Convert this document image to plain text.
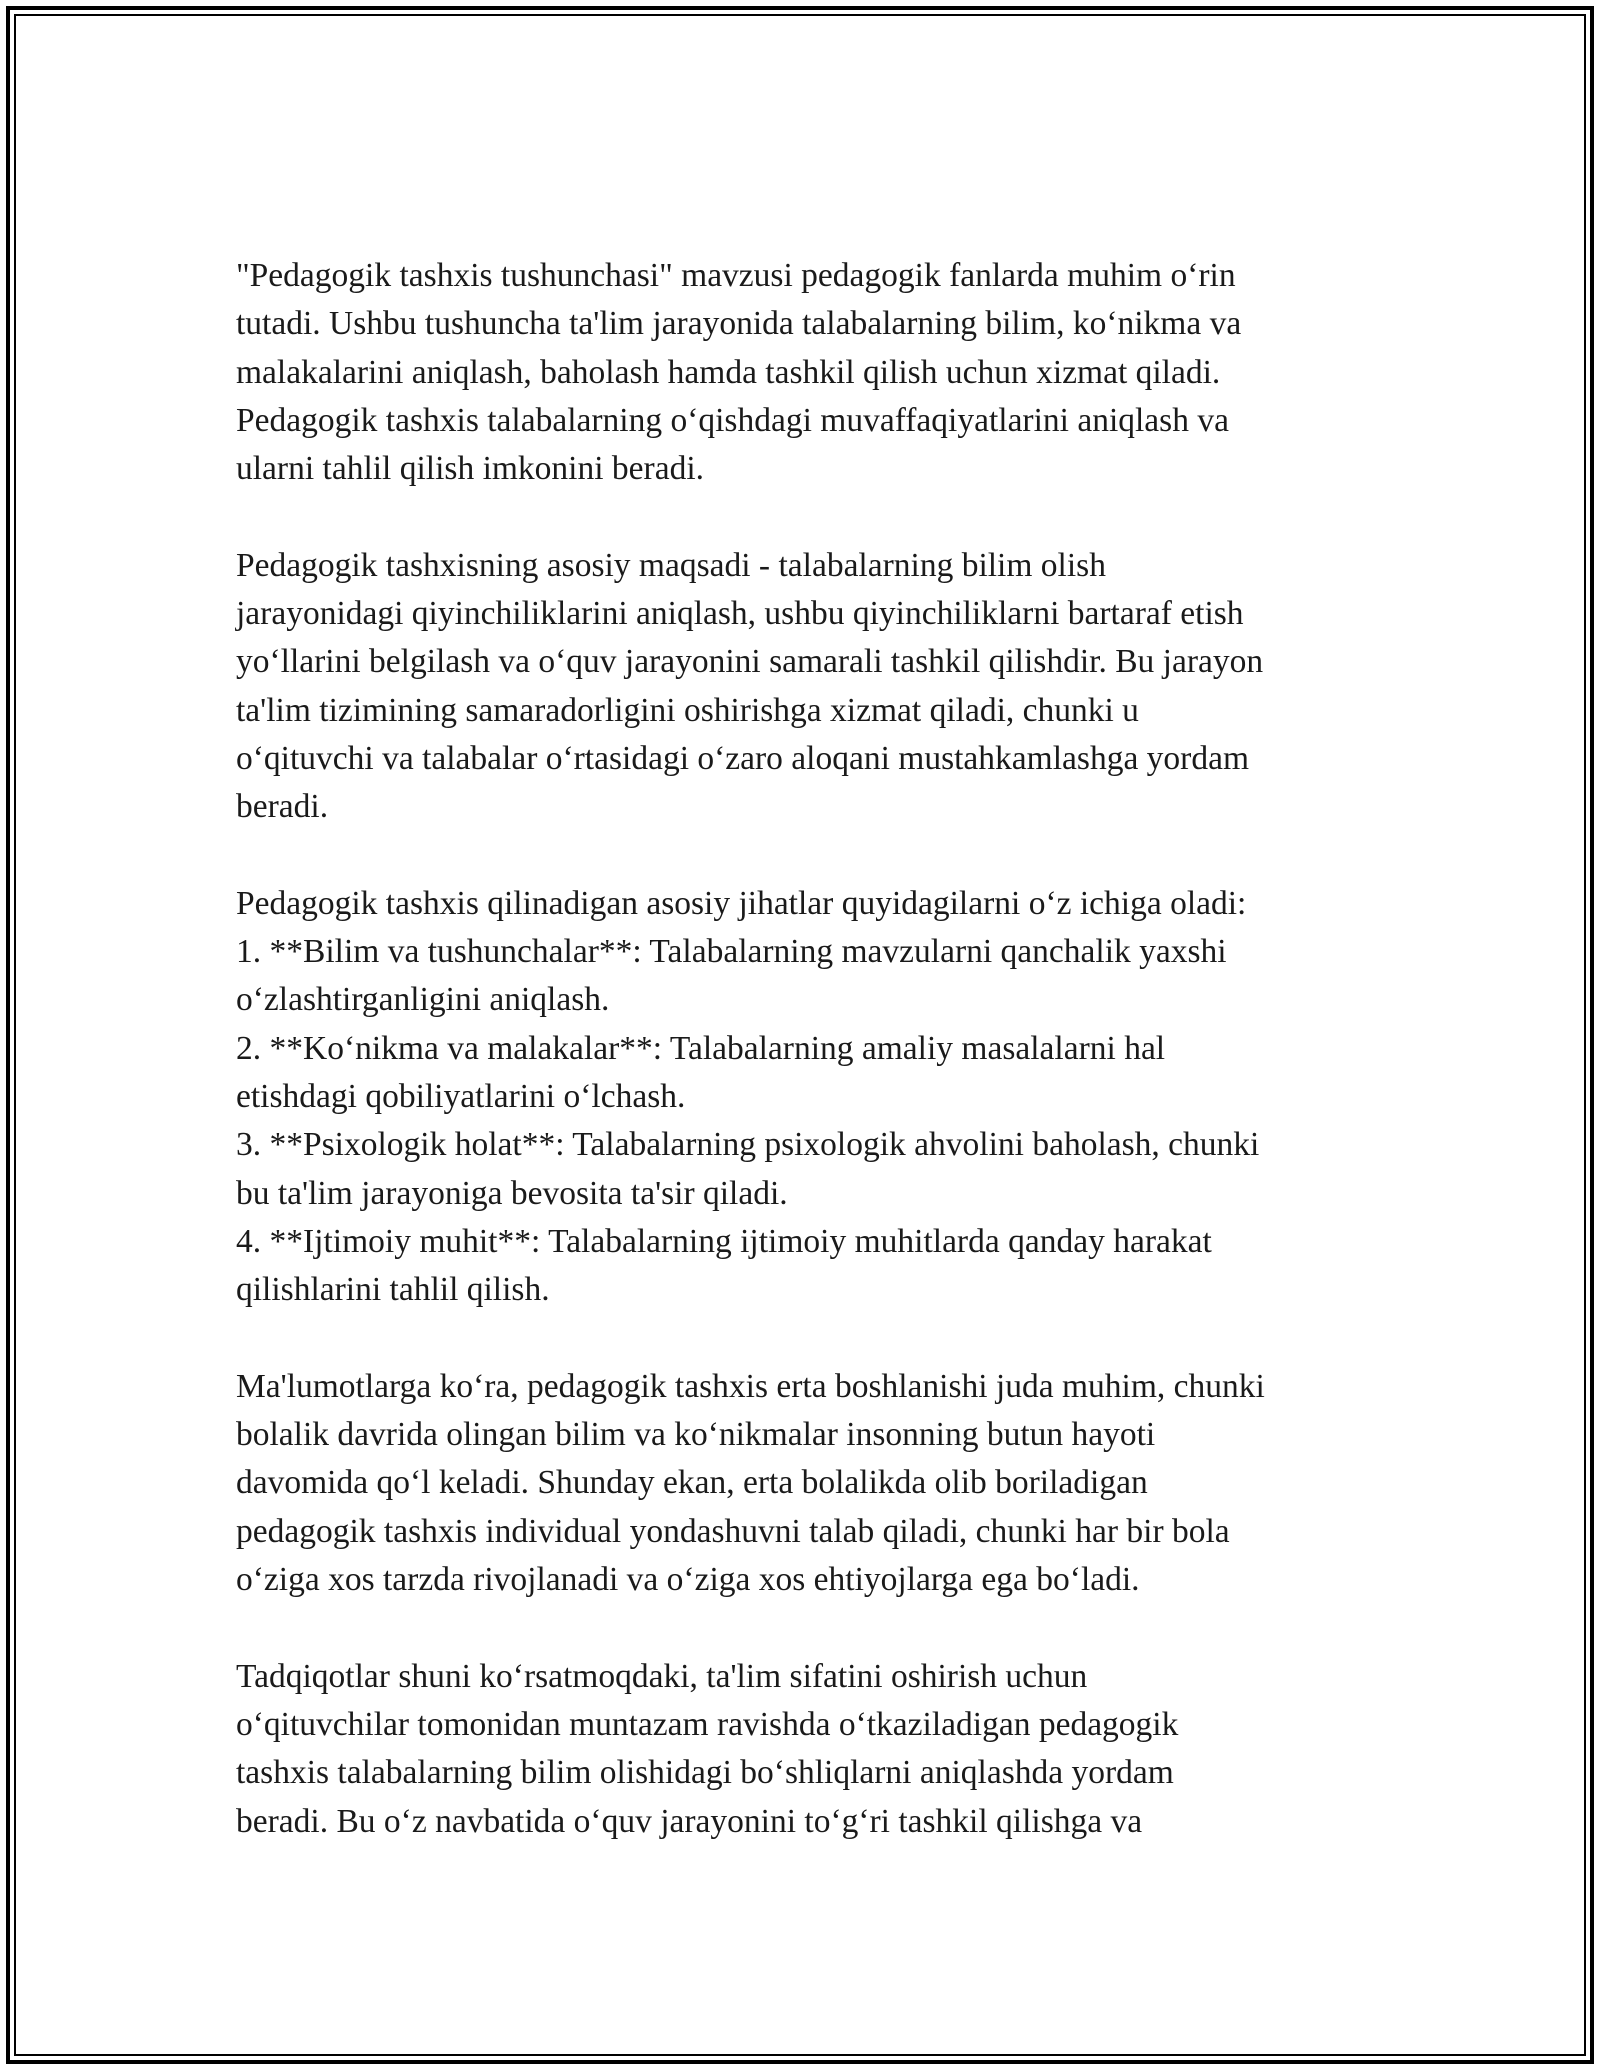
"Pedagogik tashxis tushunchasi" mavzusi pedagogik fanlarda muhim o‘rin
tutadi. Ushbu tushuncha ta'lim jarayonida talabalarning bilim, ko‘nikma va
malakalarini aniqlash, baholash hamda tashkil qilish uchun xizmat qiladi.
Pedagogik tashxis talabalarning o‘qishdagi muvaffaqiyatlarini aniqlash va
ularni tahlil qilish imkonini beradi.

Pedagogik tashxisning asosiy maqsadi - talabalarning bilim olish
jarayonidagi qiyinchiliklarini aniqlash, ushbu qiyinchiliklarni bartaraf etish
yo‘llarini belgilash va o‘quv jarayonini samarali tashkil qilishdir. Bu jarayon
ta'lim tizimining samaradorligini oshirishga xizmat qiladi, chunki u
o‘qituvchi va talabalar o‘rtasidagi o‘zaro aloqani mustahkamlashga yordam
beradi.

Pedagogik tashxis qilinadigan asosiy jihatlar quyidagilarni o‘z ichiga oladi:
1. **Bilim va tushunchalar**: Talabalarning mavzularni qanchalik yaxshi
o‘zlashtirganligini aniqlash.
2. **Ko‘nikma va malakalar**: Talabalarning amaliy masalalarni hal
etishdagi qobiliyatlarini o‘lchash.
3. **Psixologik holat**: Talabalarning psixologik ahvolini baholash, chunki
bu ta'lim jarayoniga bevosita ta'sir qiladi.
4. **Ijtimoiy muhit**: Talabalarning ijtimoiy muhitlarda qanday harakat
qilishlarini tahlil qilish.

Ma'lumotlarga ko‘ra, pedagogik tashxis erta boshlanishi juda muhim, chunki
bolalik davrida olingan bilim va ko‘nikmalar insonning butun hayoti
davomida qo‘l keladi. Shunday ekan, erta bolalikda olib boriladigan
pedagogik tashxis individual yondashuvni talab qiladi, chunki har bir bola
o‘ziga xos tarzda rivojlanadi va o‘ziga xos ehtiyojlarga ega bo‘ladi.

Tadqiqotlar shuni ko‘rsatmoqdaki, ta'lim sifatini oshirish uchun
o‘qituvchilar tomonidan muntazam ravishda o‘tkaziladigan pedagogik
tashxis talabalarning bilim olishidagi bo‘shliqlarni aniqlashda yordam
beradi. Bu o‘z navbatida o‘quv jarayonini to‘g‘ri tashkil qilishga va
